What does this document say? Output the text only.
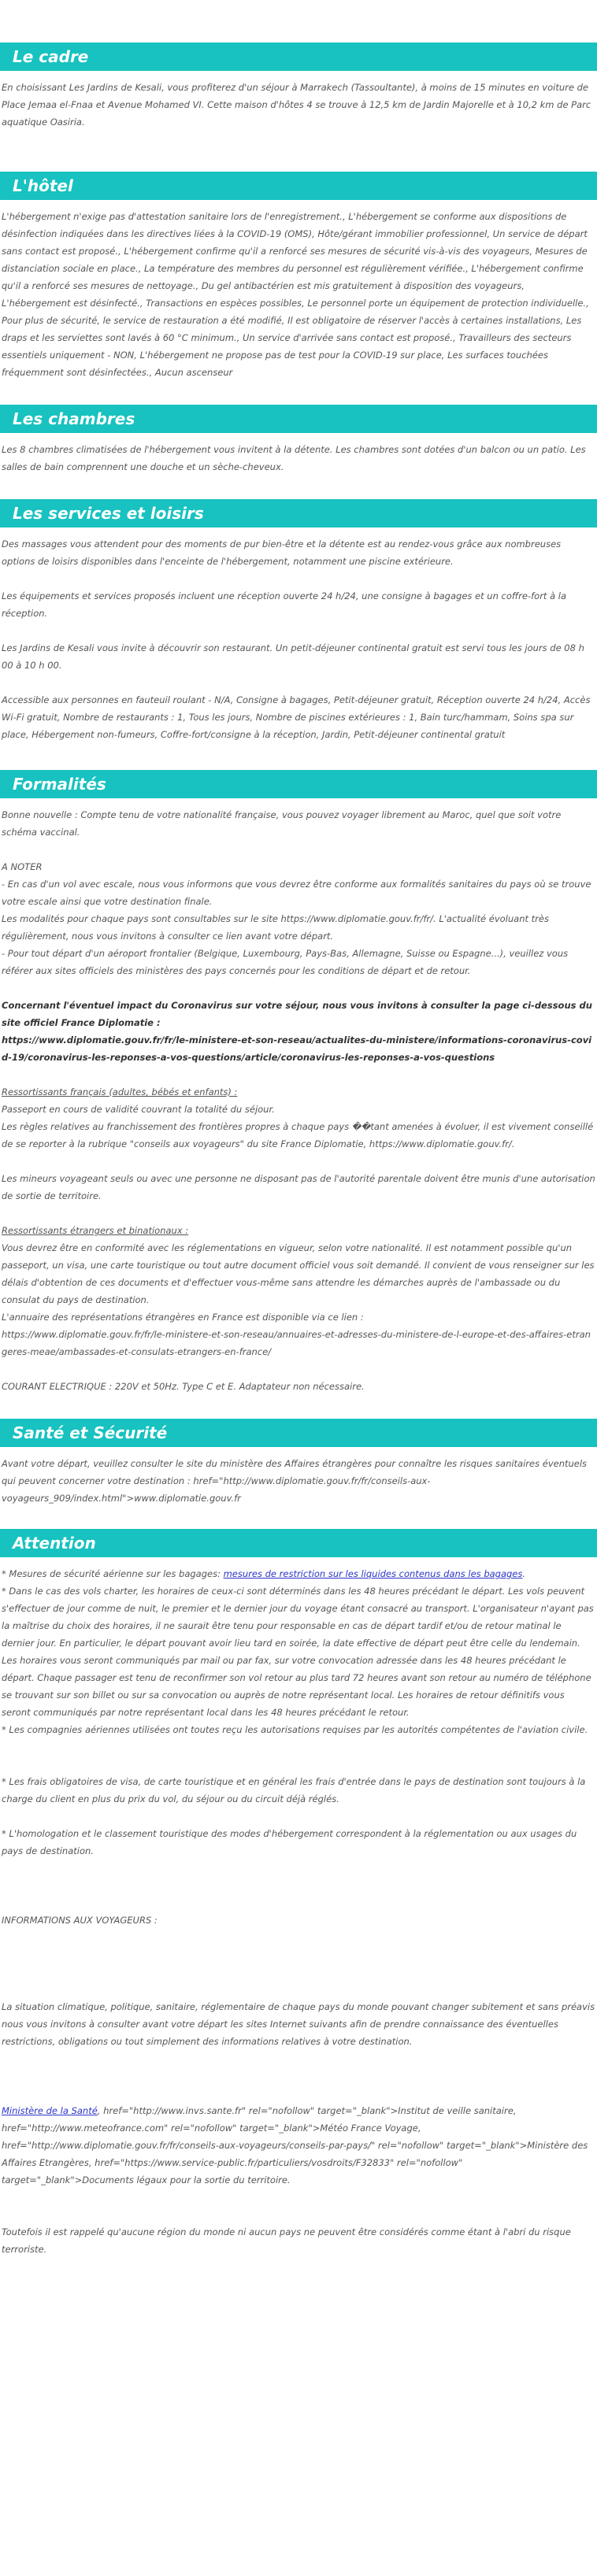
Le cadre

En choisissant Les Jardins de Kesali, vous profiterez d'un séjour à Marrakech (Tassoultante), à moins de 15 minutes en voiture de Place Jemaa el-Fnaa et Avenue Mohamed VI. Cette maison d'hôtes 4 se trouve à 12,5 km de Jardin Majorelle et à 10,2 km de Parc aquatique Oasiria.

L'hôtel

L'hébergement n'exige pas d'attestation sanitaire lors de l'enregistrement., L'hébergement se conforme aux dispositions de désinfection indiquées dans les directives liées à la COVID-19 (OMS), Hôte/gérant immobilier professionnel, Un service de départ sans contact est proposé., L'hébergement confirme qu'il a renforcé ses mesures de sécurité vis-à-vis des voyageurs, Mesures de distanciation sociale en place., La température des membres du personnel est régulièrement vérifiée., L'hébergement confirme qu'il a renforcé ses mesures de nettoyage., Du gel antibactérien est mis gratuitement à disposition des voyageurs, L'hébergement est désinfecté., Transactions en espèces possibles, Le personnel porte un équipement de protection individuelle., Pour plus de sécurité, le service de restauration a été modifié, Il est obligatoire de réserver l'accès à certaines installations, Les draps et les serviettes sont lavés à 60 °C minimum., Un service d'arrivée sans contact est proposé., Travailleurs des secteurs essentiels uniquement - NON, L'hébergement ne propose pas de test pour la COVID-19 sur place, Les surfaces touchées fréquemment sont désinfectées., Aucun ascenseur

Les chambres

Les 8 chambres climatisées de l'hébergement vous invitent à la détente. Les chambres sont dotées d'un balcon ou un patio. Les salles de bain comprennent une douche et un sèche-cheveux.

Les services et loisirs

Des massages vous attendent pour des moments de pur bien-être et la détente est au rendez-vous grâce aux nombreuses options de loisirs disponibles dans l'enceinte de l'hébergement, notamment une piscine extérieure.

Les équipements et services proposés incluent une réception ouverte 24 h/24, une consigne à bagages et un coffre-fort à la réception.

Les Jardins de Kesali vous invite à découvrir son restaurant. Un petit-déjeuner continental gratuit est servi tous les jours de 08 h 00 à 10 h 00.

Accessible aux personnes en fauteuil roulant - N/A, Consigne à bagages, Petit-déjeuner gratuit, Réception ouverte 24 h/24, Accès Wi-Fi gratuit, Nombre de restaurants : 1, Tous les jours, Nombre de piscines extérieures : 1, Bain turc/hammam, Soins spa sur place, Hébergement non-fumeurs, Coffre-fort/consigne à la réception, Jardin, Petit-déjeuner continental gratuit

Formalités

Bonne nouvelle : Compte tenu de votre nationalité française, vous pouvez voyager librement au Maroc, quel que soit votre schéma vaccinal.

A NOTER

- En cas d'un vol avec escale, nous vous informons que vous devrez être conforme aux formalités sanitaires du pays où se trouve votre escale ainsi que votre destination finale.

Les modalités pour chaque pays sont consultables sur le site https://www.diplomatie.gouv.fr/fr/. L'actualité évoluant très régulièrement, nous vous invitons à consulter ce lien avant votre départ.

- Pour tout départ d'un aéroport frontalier (Belgique, Luxembourg, Pays-Bas, Allemagne, Suisse ou Espagne...), veuillez vous référer aux sites officiels des ministères des pays concernés pour les conditions de départ et de retour.

Concernant l'éventuel impact du Coronavirus sur votre séjour, nous vous invitons à consulter la page ci-dessous du site officiel France Diplomatie :

https://www.diplomatie.gouv.fr/fr/le-ministere-et-son-reseau/actualites-du-ministere/informations-coronavirus-covid-19/coronavirus-les-reponses-a-vos-questions/article/coronavirus-les-reponses-a-vos-questions

Ressortissants français (adultes, bébés et enfants) :

Passeport en cours de validité couvrant la totalité du séjour.

Les règles relatives au franchissement des frontières propres à chaque pays ��tant amenées à évoluer, il est vivement conseillé de se reporter à la rubrique "conseils aux voyageurs" du site France Diplomatie, https://www.diplomatie.gouv.fr/.

Les mineurs voyageant seuls ou avec une personne ne disposant pas de l'autorité parentale doivent être munis d'une autorisation de sortie de territoire.

Ressortissants étrangers et binationaux :

Vous devrez être en conformité avec les réglementations en vigueur, selon votre nationalité. Il est notamment possible qu'un passeport, un visa, une carte touristique ou tout autre document officiel vous soit demandé. Il convient de vous renseigner sur les délais d'obtention de ces documents et d'effectuer vous-même sans attendre les démarches auprès de l'ambassade ou du consulat du pays de destination.

L'annuaire des représentations étrangères en France est disponible via ce lien :

https://www.diplomatie.gouv.fr/fr/le-ministere-et-son-reseau/annuaires-et-adresses-du-ministere-de-l-europe-et-des-affaires-etrangeres-meae/ambassades-et-consulats-etrangers-en-france/

COURANT ELECTRIQUE : 220V et 50Hz. Type C et E. Adaptateur non nécessaire.

Santé et Sécurité

Avant votre départ, veuillez consulter le site du ministère des Affaires étrangères pour connaître les risques sanitaires éventuels qui peuvent concerner votre destination : href="http://www.diplomatie.gouv.fr/fr/conseils-aux-voyageurs_909/index.html">www.diplomatie.gouv.fr

Attention

* Mesures de sécurité aérienne sur les bagages: mesures de restriction sur les liquides contenus dans les bagages.

* Dans le cas des vols charter, les horaires de ceux-ci sont déterminés dans les 48 heures précédant le départ. Les vols peuvent s'effectuer de jour comme de nuit, le premier et le dernier jour du voyage étant consacré au transport. L'organisateur n'ayant pas la maîtrise du choix des horaires, il ne saurait être tenu pour responsable en cas de départ tardif et/ou de retour matinal le dernier jour. En particulier, le départ pouvant avoir lieu tard en soirée, la date effective de départ peut être celle du lendemain. Les horaires vous seront communiqués par mail ou par fax, sur votre convocation adressée dans les 48 heures précédant le départ. Chaque passager est tenu de reconfirmer son vol retour au plus tard 72 heures avant son retour au numéro de téléphone se trouvant sur son billet ou sur sa convocation ou auprès de notre représentant local. Les horaires de retour définitifs vous seront communiqués par notre représentant local dans les 48 heures précédant le retour.

* Les compagnies aériennes utilisées ont toutes reçu les autorisations requises par les autorités compétentes de l'aviation civile.

* Les frais obligatoires de visa, de carte touristique et en général les frais d'entrée dans le pays de destination sont toujours à la charge du client en plus du prix du vol, du séjour ou du circuit déjà réglés.

* L'homologation et le classement touristique des modes d'hébergement correspondent à la réglementation ou aux usages du pays de destination.

INFORMATIONS AUX VOYAGEURS :

La situation climatique, politique, sanitaire, réglementaire de chaque pays du monde pouvant changer subitement et sans préavis

nous vous invitons à consulter avant votre départ les sites Internet suivants afin de prendre connaissance des éventuelles restrictions, obligations ou tout simplement des informations relatives à votre destination.

Ministère de la Santé, href="http://www.invs.sante.fr" rel="nofollow" target="_blank">Institut de veille sanitaire, href="http://www.meteofrance.com" rel="nofollow" target="_blank">Météo France Voyage, href="http://www.diplomatie.gouv.fr/fr/conseils-aux-voyageurs/conseils-par-pays/" rel="nofollow" target="_blank">Ministère des Affaires Etrangères, href="https://www.service-public.fr/particuliers/vosdroits/F32833" rel="nofollow" target="_blank">Documents légaux pour la sortie du territoire.

Toutefois il est rappelé qu'aucune région du monde ni aucun pays ne peuvent être considérés comme étant à l'abri du risque terroriste.
